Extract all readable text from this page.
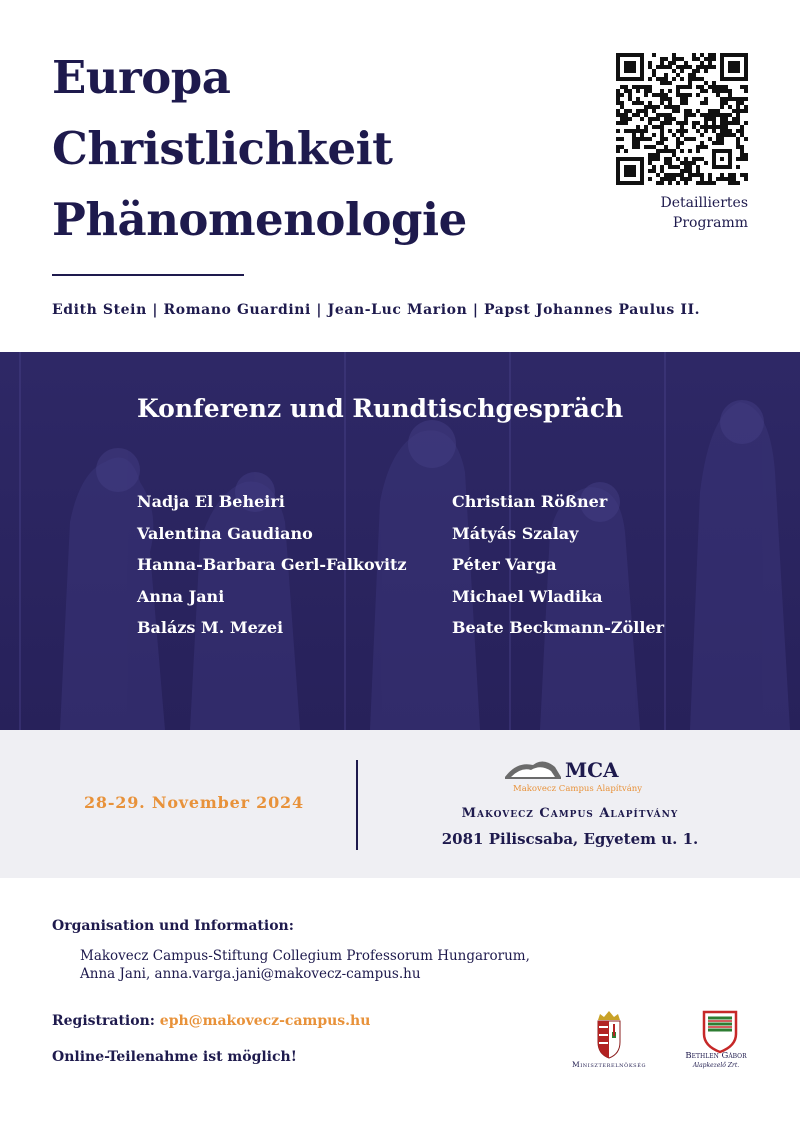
Europa
Christlichkeit
Phänomenologie	Detailliertes
Programm
Edith Stein | Romano Guardini | Jean-Luc Marion | Papst Johannes Paulus II.
Konferenz und Rundtischgespräch
Nadja El Beheiri
Valentina Gaudiano
Hanna-Barbara Gerl-Falkovitz
Anna Jani
Balázs M. Mezei
Christian Rößner
Mátyás Szalay
Péter Varga
Michael Wladika
Beate Beckmann-Zöller
28-29. November 2024
MCA
Makovecz Campus Alapítvány
Makovecz Campus Alapítvány
2081 Piliscsaba, Egyetem u. 1.
Organisation und Information:
Makovecz Campus-Stiftung Collegium Professorum Hungarorum,
Anna Jani, anna.varga.jani@makovecz-campus.hu
Registration: eph@makovecz-campus.hu
Online-Teilenahme ist möglich!	Miniszterelnökség
Bethlen Gábor
Alapkezelő Zrt.
